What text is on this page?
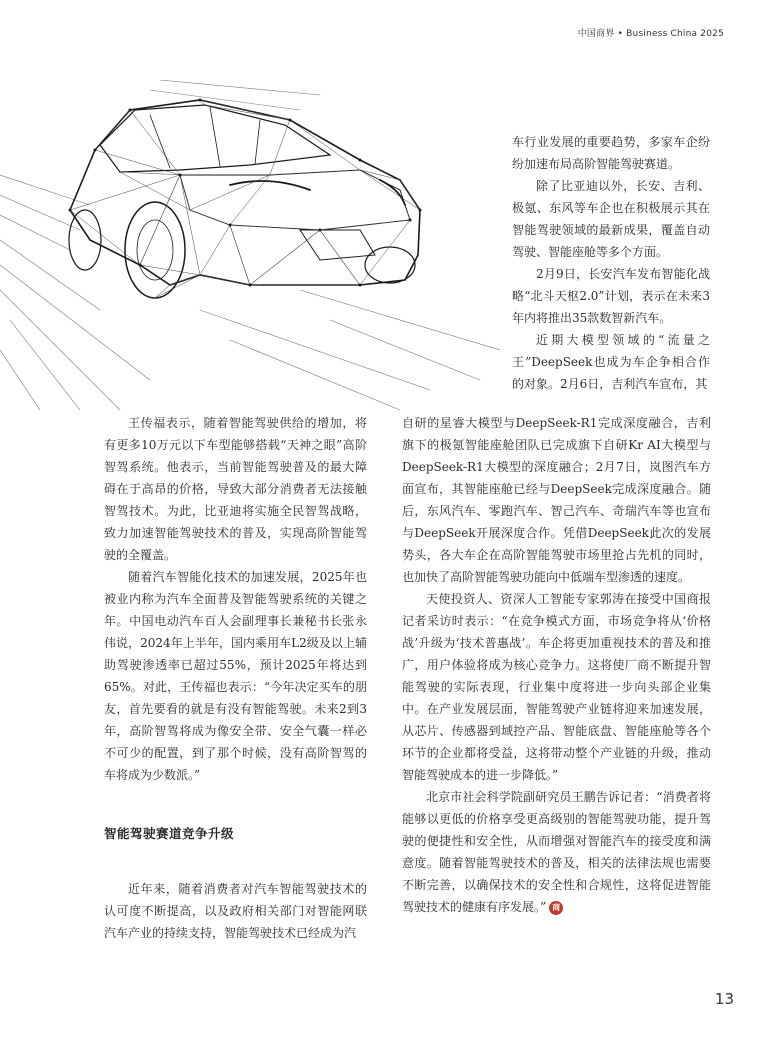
中国商界 • Business China 2025

车行业发展的重要趋势，多家车企纷纷加速布局高阶智能驾驶赛道。

除了比亚迪以外，长安、吉利、极氪、东风等车企也在积极展示其在智能驾驶领域的最新成果，覆盖自动驾驶、智能座舱等多个方面。

2月9日，长安汽车发布智能化战略“北斗天枢2.0”计划，表示在未来3年内将推出35款数智新汽车。

近期大模型领域的“流量之王”DeepSeek也成为车企争相合作的对象。2月6日，吉利汽车宣布，其

王传福表示，随着智能驾驶供给的增加，将有更多10万元以下车型能够搭载“天神之眼”高阶智驾系统。他表示，当前智能驾驶普及的最大障碍在于高昂的价格，导致大部分消费者无法接触智驾技术。为此，比亚迪将实施全民智驾战略，致力加速智能驾驶技术的普及，实现高阶智能驾驶的全覆盖。

随着汽车智能化技术的加速发展，2025年也被业内称为汽车全面普及智能驾驶系统的关键之年。中国电动汽车百人会副理事长兼秘书长张永伟说，2024年上半年，国内乘用车L2级及以上辅助驾驶渗透率已超过55%，预计2025年将达到65%。对此，王传福也表示：“今年决定买车的朋友，首先要看的就是有没有智能驾驶。未来2到3年，高阶智驾将成为像安全带、安全气囊一样必不可少的配置，到了那个时候，没有高阶智驾的车将成为少数派。”

智能驾驶赛道竞争升级

近年来，随着消费者对汽车智能驾驶技术的认可度不断提高，以及政府相关部门对智能网联汽车产业的持续支持，智能驾驶技术已经成为汽

自研的星睿大模型与DeepSeek-R1完成深度融合，吉利旗下的极氪智能座舱团队已完成旗下自研Kr AI大模型与DeepSeek-R1大模型的深度融合；2月7日，岚图汽车方面宣布，其智能座舱已经与DeepSeek完成深度融合。随后，东风汽车、零跑汽车、智己汽车、奇瑞汽车等也宣布与DeepSeek开展深度合作。凭借DeepSeek此次的发展势头，各大车企在高阶智能驾驶市场里抢占先机的同时，也加快了高阶智能驾驶功能向中低端车型渗透的速度。

天使投资人、资深人工智能专家郭涛在接受中国商报记者采访时表示：“在竞争模式方面，市场竞争将从‘价格战’升级为‘技术普惠战’。车企将更加重视技术的普及和推广，用户体验将成为核心竞争力。这将使厂商不断提升智能驾驶的实际表现，行业集中度将进一步向头部企业集中。在产业发展层面，智能驾驶产业链将迎来加速发展，从芯片、传感器到域控产品、智能底盘、智能座舱等各个环节的企业都将受益，这将带动整个产业链的升级，推动智能驾驶成本的进一步降低。”

北京市社会科学院副研究员王鹏告诉记者：“消费者将能够以更低的价格享受更高级别的智能驾驶功能，提升驾驶的便捷性和安全性，从而增强对智能汽车的接受度和满意度。随着智能驾驶技术的普及，相关的法律法规也需要不断完善，以确保技术的安全性和合规性，这将促进智能驾驶技术的健康有序发展。” 商

13
